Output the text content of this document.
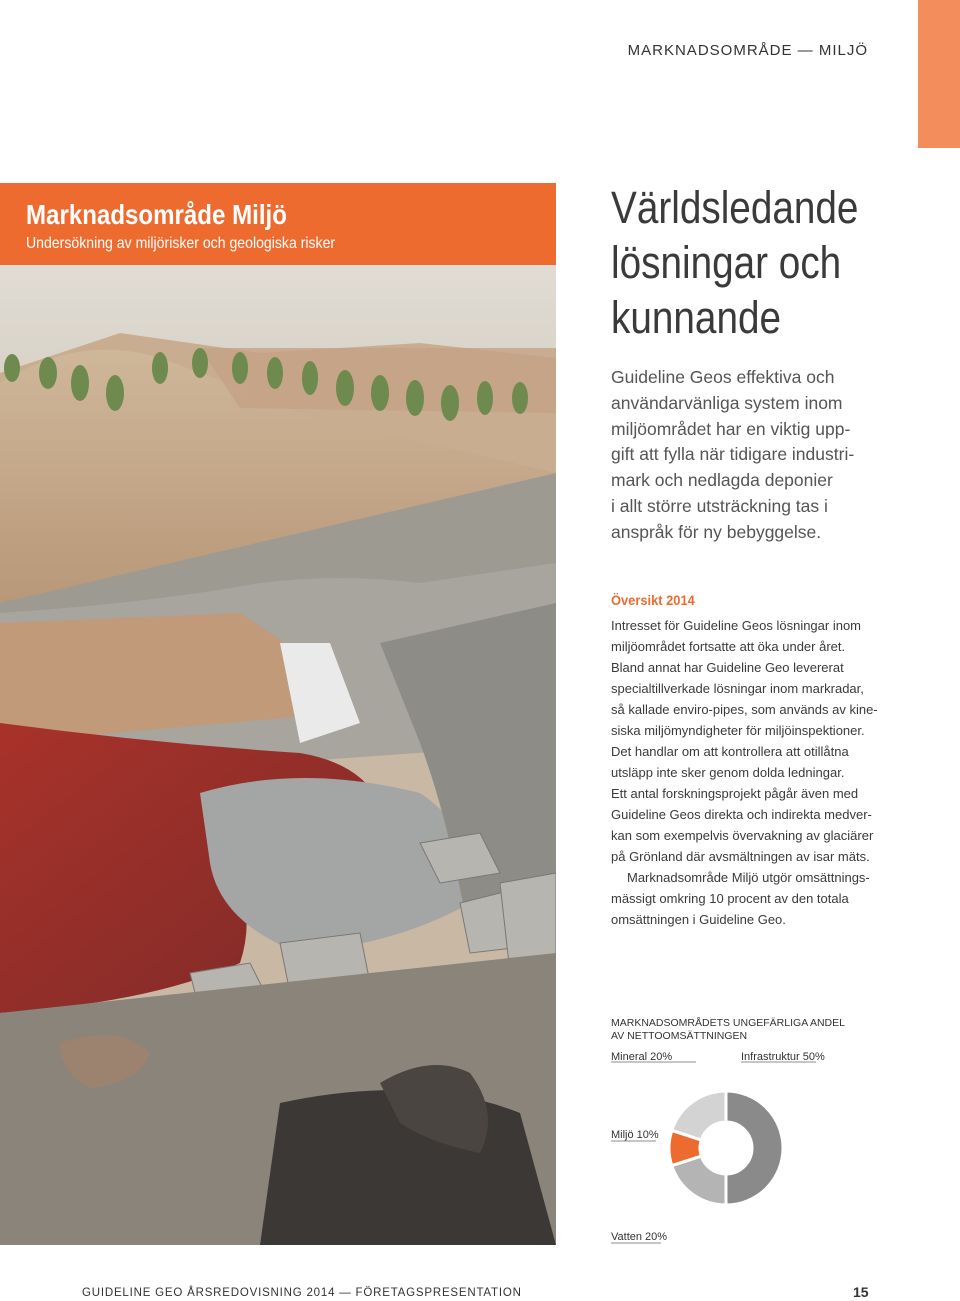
MARKNADSOMRÅDE — MILJÖ
Marknadsområde Miljö
Undersökning av miljörisker och geologiska risker
Världsledande
lösningar och
kunnande
Guideline Geos effektiva och
användarvänliga system inom
miljöområdet har en viktig upp-
gift att fylla när tidigare industri-
mark och nedlagda deponier
i allt större utsträckning tas i
anspråk för ny bebyggelse.
Översikt 2014
Intresset för Guideline Geos lösningar inom
miljöområdet fortsatte att öka under året.
Bland annat har Guideline Geo levererat
specialtillverkade lösningar inom markradar,
så kallade enviro-pipes, som används av kine-
siska miljömyndigheter för miljöinspektioner.
Det handlar om att kontrollera att otillåtna
utsläpp inte sker genom dolda ledningar.
Ett antal forskningsprojekt pågår även med
Guideline Geos direkta och indirekta medver-
kan som exempelvis övervakning av glaciärer
på Grönland där avsmältningen av isar mäts.
Marknadsområde Miljö utgör omsättnings-
mässigt omkring 10 procent av den totala
omsättningen i Guideline Geo.
MARKNADSOMRÅDETS UNGEFÄRLIGA ANDEL
AV NETTOOMSÄTTNINGEN
Mineral 20%	Infrastruktur 50%
Miljö 10%
Vatten 20%
GUIDELINE GEO ÅRSREDOVISNING 2014 — FÖRETAGSPRESENTATION	15
